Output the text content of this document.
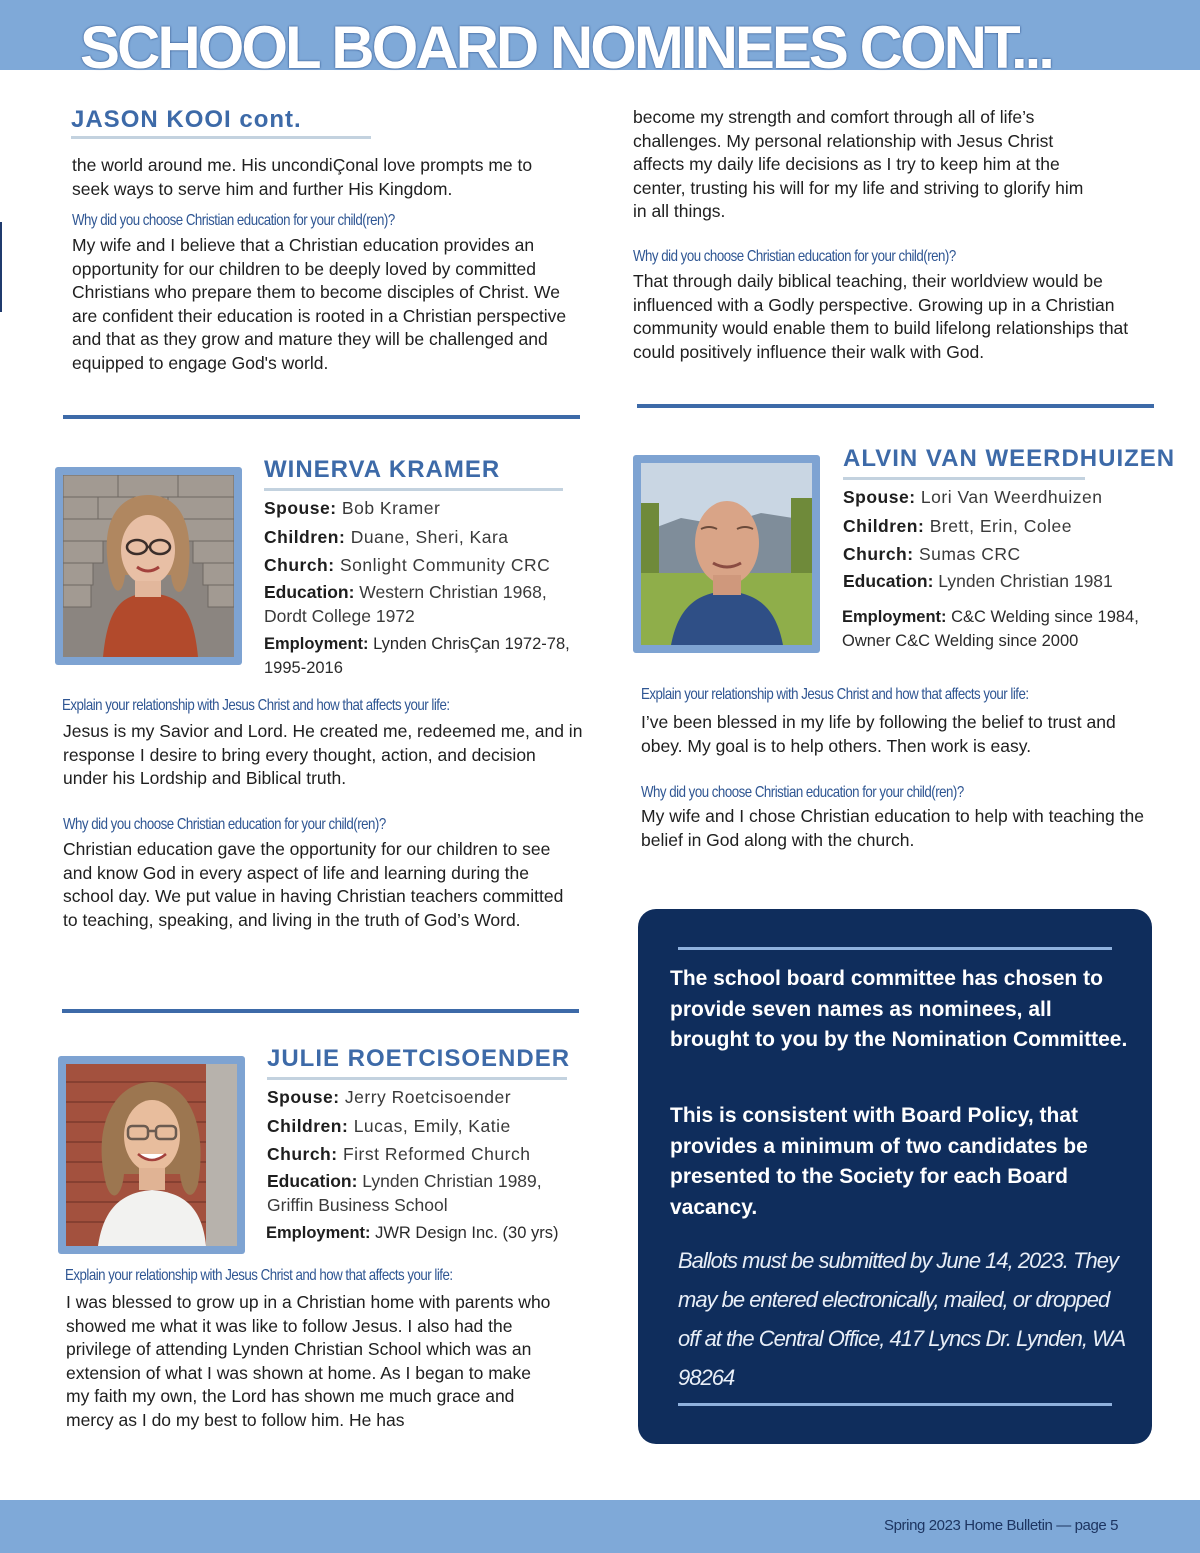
SCHOOL BOARD NOMINEES CONT...
JASON KOOI cont.

the world around me. His uncondiÇonal love prompts me to seek ways to serve him and further His Kingdom.

Why did you choose Christian education for your child(ren)?

My wife and I believe that a Christian education provides an opportunity for our children to be deeply loved by committed Christians who prepare them to become disciples of Christ. We are confident their education is rooted in a Christian perspective and that as they grow and mature they will be challenged and equipped to engage God's world.

become my strength and comfort through all of life’s challenges. My personal relationship with Jesus Christ affects my daily life decisions as I try to keep him at the center, trusting his will for my life and striving to glorify him in all things.

Why did you choose Christian education for your child(ren)?

That through daily biblical teaching, their worldview would be influenced with a Godly perspective. Growing up in a Christian community would enable them to build lifelong relationships that could positively influence their walk with God.

WINERVA KRAMER
Spouse: Bob Kramer
Children: Duane, Sheri, Kara
Church: Sonlight Community CRC
Education: Western Christian 1968,
Dordt College 1972
Employment: Lynden ChrisÇan 1972-78,
1995-2016

Explain your relationship with Jesus Christ and how that affects your life:

Jesus is my Savior and Lord. He created me, redeemed me, and in response I desire to bring every thought, action, and decision under his Lordship and Biblical truth.

Why did you choose Christian education for your child(ren)?

Christian education gave the opportunity for our children to see and know God in every aspect of life and learning during the school day. We put value in having Christian teachers committed to teaching, speaking, and living in the truth of God’s Word.

ALVIN VAN WEERDHUIZEN
Spouse: Lori Van Weerdhuizen
Children: Brett, Erin, Colee
Church: Sumas CRC
Education: Lynden Christian 1981
Employment: C&C Welding since 1984,
Owner C&C Welding since 2000

Explain your relationship with Jesus Christ and how that affects your life:

I’ve been blessed in my life by following the belief to trust and obey. My goal is to help others. Then work is easy.

Why did you choose Christian education for your child(ren)?

My wife and I chose Christian education to help with teaching the belief in God along with the church.

JULIE ROETCISOENDER
Spouse: Jerry Roetcisoender
Children: Lucas, Emily, Katie
Church: First Reformed Church
Education: Lynden Christian 1989,
Griffin Business School
Employment: JWR Design Inc. (30 yrs)

Explain your relationship with Jesus Christ and how that affects your life:

I was blessed to grow up in a Christian home with parents who showed me what it was like to follow Jesus. I also had the privilege of attending Lynden Christian School which was an extension of what I was shown at home. As I began to make my faith my own, the Lord has shown me much grace and mercy as I do my best to follow him. He has

The school board committee has chosen to provide seven names as nominees, all brought to you by the Nomination Committee.

This is consistent with Board Policy, that provides a minimum of two candidates be presented to the Society for each Board vacancy.

Ballots must be submitted by June 14, 2023. They may be entered electronically, mailed, or dropped off at the Central Office, 417 Lyncs Dr. Lynden, WA 98264

Spring 2023 Home Bulletin — page 5
